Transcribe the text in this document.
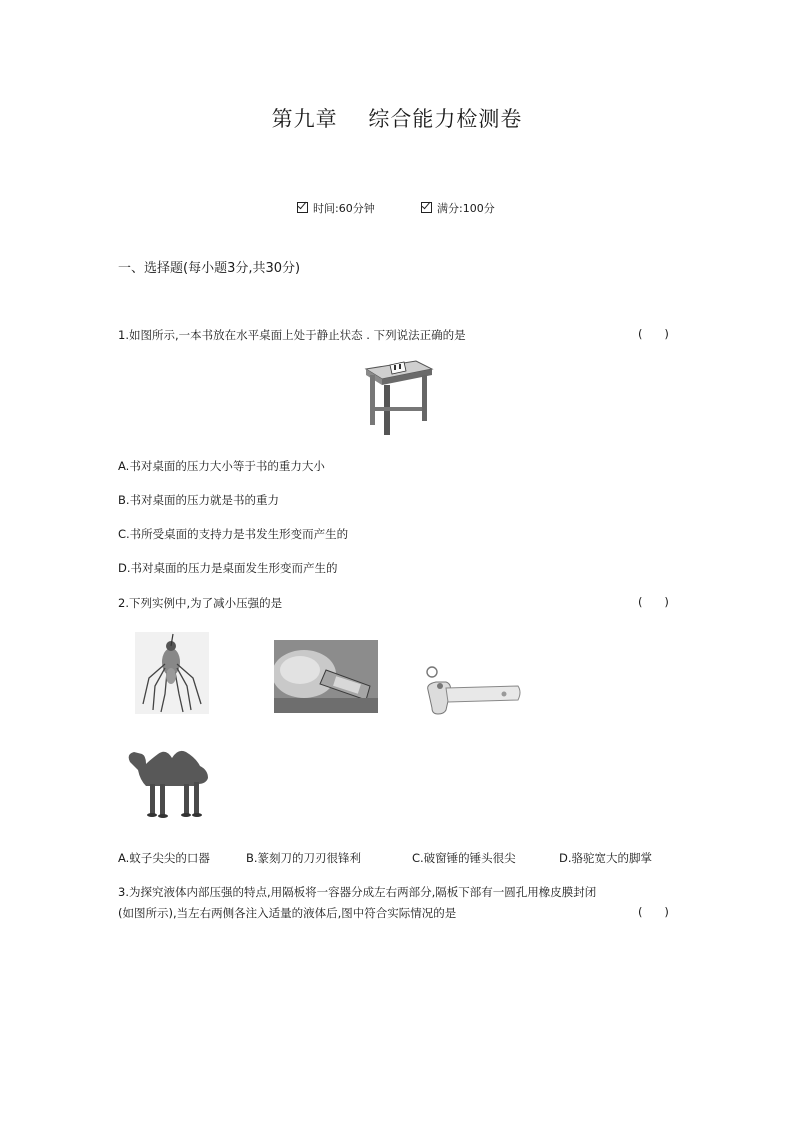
第九章    综合能力检测卷

时间:60分钟	满分:100分

一、选择题(每小题3分,共30分)
1.如图所示,一本书放在水平桌面上处于静止状态 . 下列说法正确的是	(      )
A.书对桌面的压力大小等于书的重力大小
B.书对桌面的压力就是书的重力
C.书所受桌面的支持力是书发生形变而产生的
D.书对桌面的压力是桌面发生形变而产生的
2.下列实例中,为了减小压强的是	(      )
A.蚊子尖尖的口器	B.篆刻刀的刀刃很锋利	C.破窗锤的锤头很尖	D.骆驼宽大的脚掌
3.为探究液体内部压强的特点,用隔板将一容器分成左右两部分,隔板下部有一圆孔用橡皮膜封闭
(如图所示),当左右两侧各注入适量的液体后,图中符合实际情况的是	(      )
